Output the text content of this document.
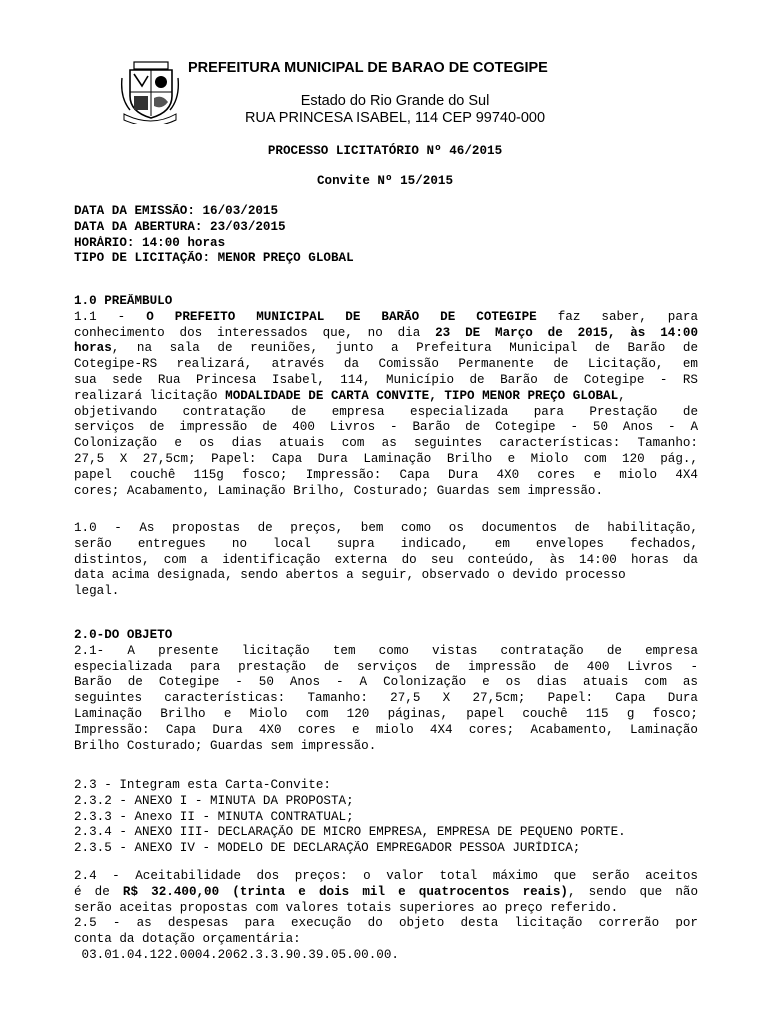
PREFEITURA MUNICIPAL DE BARAO DE COTEGIPE
Estado do Rio Grande do Sul
RUA PRINCESA ISABEL, 114 CEP 99740-000
PROCESSO LICITATÓRIO Nº 46/2015
Convite Nº 15/2015
DATA DA EMISSÃO: 16/03/2015
DATA DA ABERTURA: 23/03/2015
HORÁRIO: 14:00 horas
TIPO DE LICITAÇÃO: MENOR PREÇO GLOBAL
1.0 PREÂMBULO
1.1 - O PREFEITO MUNICIPAL DE BARÃO DE COTEGIPE faz saber, para
conhecimento dos interessados que, no dia 23 DE Março de 2015, às 14:00
horas, na sala de reuniões, junto a Prefeitura Municipal de Barão de
Cotegipe-RS realizará, através da Comissão Permanente de Licitação, em
sua sede Rua Princesa Isabel, 114, Município de Barão de Cotegipe - RS
realizará licitação MODALIDADE DE CARTA CONVITE, TIPO MENOR PREÇO GLOBAL,
objetivando contratação de empresa especializada para Prestação de
serviços de impressão de 400 Livros - Barão de Cotegipe - 50 Anos - A
Colonização e os dias atuais com as seguintes características: Tamanho:
27,5 X 27,5cm; Papel: Capa Dura Laminação Brilho e Miolo com 120 pág.,
papel couchê 115g fosco; Impressão: Capa Dura 4X0 cores e miolo 4X4
cores; Acabamento, Laminação Brilho, Costurado; Guardas sem impressão.
1.0 - As propostas de preços, bem como os documentos de habilitação,
serão entregues no local supra indicado, em envelopes fechados,
distintos, com a identificação externa do seu conteúdo, às 14:00 horas da
data acima designada, sendo abertos a seguir, observado o devido processo
legal.
2.0-DO OBJETO
2.1- A presente licitação tem como vistas contratação de empresa
especializada para prestação de serviços de impressão de 400 Livros -
Barão de Cotegipe - 50 Anos - A Colonização e os dias atuais com as
seguintes características: Tamanho: 27,5 X 27,5cm; Papel: Capa Dura
Laminação Brilho e Miolo com 120 páginas, papel couchê 115 g fosco;
Impressão: Capa Dura 4X0 cores e miolo 4X4 cores; Acabamento, Laminação
Brilho Costurado; Guardas sem impressão.
2.3 - Integram esta Carta-Convite:
2.3.2 - ANEXO I - MINUTA DA PROPOSTA;
2.3.3 - Anexo II - MINUTA CONTRATUAL;
2.3.4 - ANEXO III- DECLARAÇÃO DE MICRO EMPRESA, EMPRESA DE PEQUENO PORTE.
2.3.5 - ANEXO IV - MODELO DE DECLARAÇÃO EMPREGADOR PESSOA JURÍDICA;
2.4 - Aceitabilidade dos preços: o valor total máximo que serão aceitos
é de R$ 32.400,00 (trinta e dois mil e quatrocentos reais), sendo que não
serão aceitas propostas com valores totais superiores ao preço referido.
2.5 - as despesas para execução do objeto desta licitação correrão por
conta da dotação orçamentária:
03.01.04.122.0004.2062.3.3.90.39.05.00.00.
